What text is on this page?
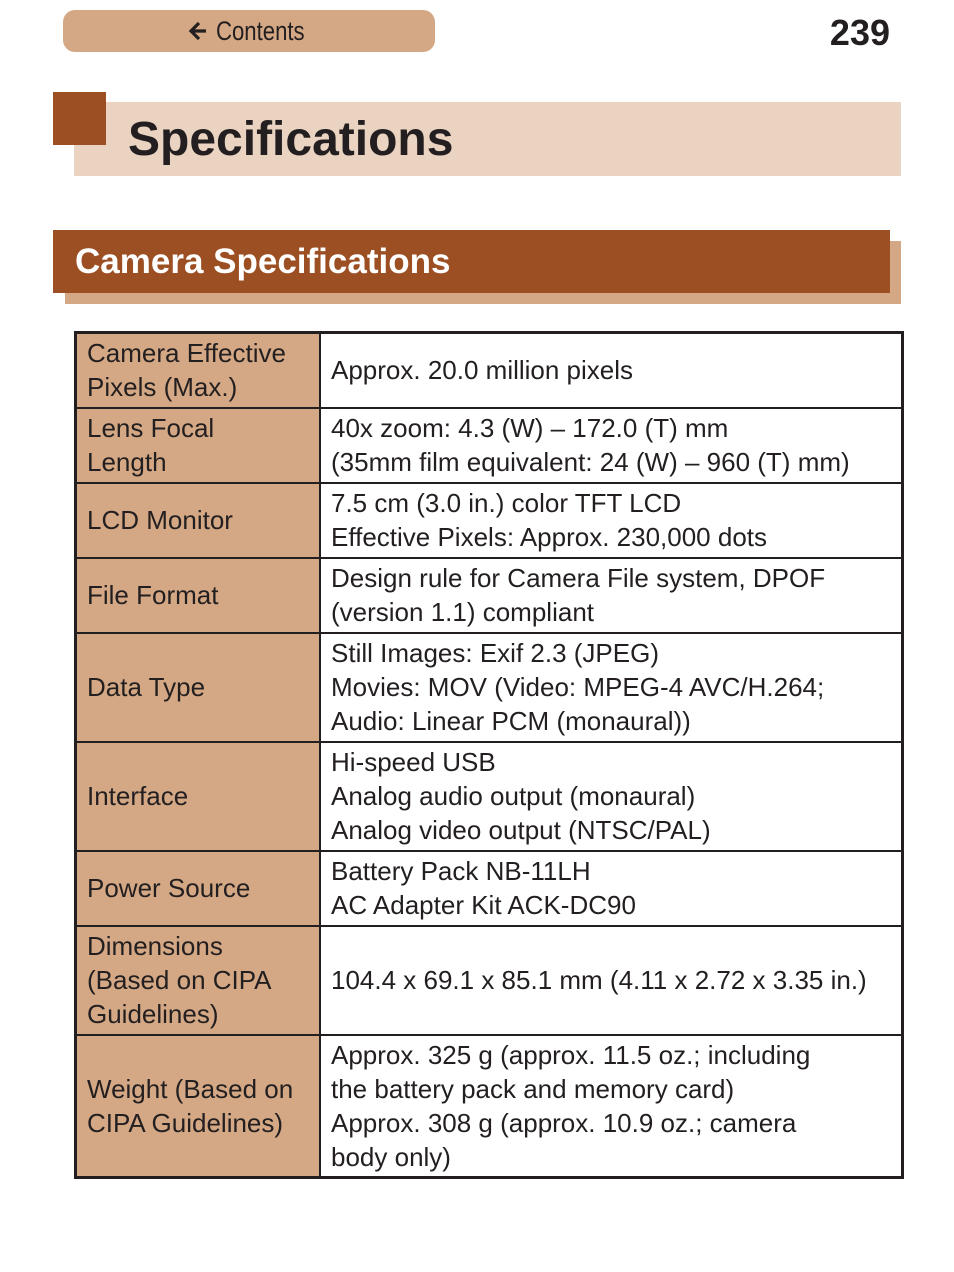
Contents	239
Specifications
Camera Specifications
Camera Effective
Pixels (Max.)	Approx. 20.0 million pixels

Lens Focal
Length	40x zoom: 4.3 (W) – 172.0 (T) mm
(35mm film equivalent: 24 (W) – 960 (T) mm)

LCD Monitor	7.5 cm (3.0 in.) color TFT LCD
Effective Pixels: Approx. 230,000 dots

File Format	Design rule for Camera File system, DPOF
(version 1.1) compliant

Data Type	Still Images: Exif 2.3 (JPEG)
Movies: MOV (Video: MPEG-4 AVC/H.264;
Audio: Linear PCM (monaural))

Interface	Hi-speed USB
Analog audio output (monaural)
Analog video output (NTSC/PAL)

Power Source	Battery Pack NB-11LH
AC Adapter Kit ACK-DC90

Dimensions
(Based on CIPA
Guidelines)	104.4 x 69.1 x 85.1 mm (4.11 x 2.72 x 3.35 in.)

Weight (Based on
CIPA Guidelines)	Approx. 325 g (approx. 11.5 oz.; including
the battery pack and memory card)
Approx. 308 g (approx. 10.9 oz.; camera
body only)
